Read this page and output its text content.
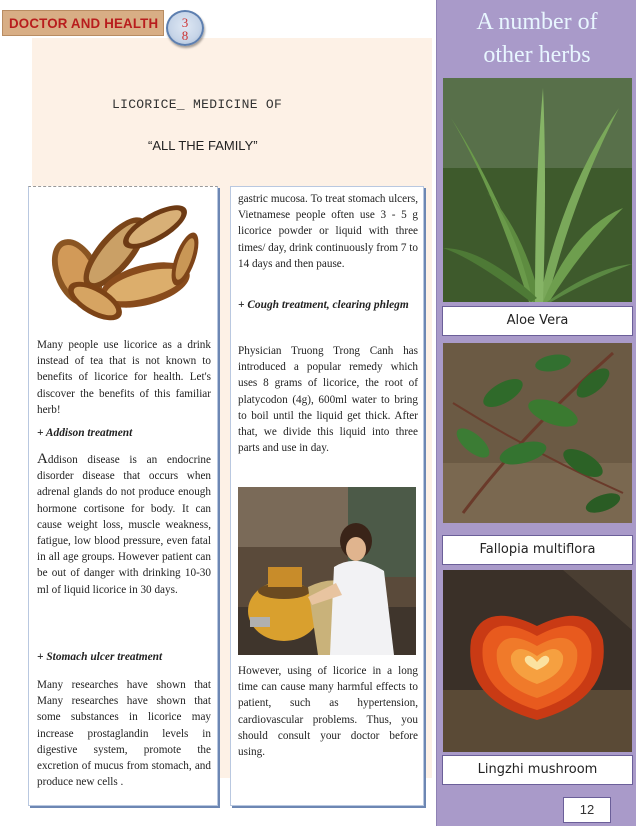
DOCTOR AND HEALTH	3
8
LICORICE_ MEDICINE OF
“ALL THE FAMILY”
Many people use licorice as a drink instead of tea that is not known to benefits of licorice for health. Let's discover the benefits of this familiar herb!
+ Addison treatment
Addison disease is an endocrine disorder disease that occurs when adrenal glands do not produce enough hormone cortisone for body. It can cause weight loss, muscle weakness, fatigue, low blood pressure, even fatal in all age groups. However patient can be out of danger with drinking 10-30 ml of liquid licorice in 30 days.
+ Stomach ulcer treatment
Many researches have shown that Many researches have shown that some substances in licorice may increase prostaglandin levels in digestive system, promote the excretion of mucus from stomach, and produce new cells .
gastric mucosa. To treat stomach ulcers, Vietnamese people often use 3 - 5 g licorice powder or liquid with three times/ day, drink continuously from 7 to 14 days and then pause.
+ Cough treatment, clearing phlegm
Physician Truong Trong Canh has introduced a popular remedy which uses 8 grams of licorice, the root of platycodon (4g), 600ml water to bring to boil until the liquid get thick. After that, we divide this liquid into three parts and use in day.
However, using of licorice in a long time can cause many harmful effects to patient, such as hypertension, cardiovascular problems. Thus, you should consult your doctor before using.
A number of other herbs
Aloe Vera
Fallopia multiflora
Lingzhi mushroom
12
